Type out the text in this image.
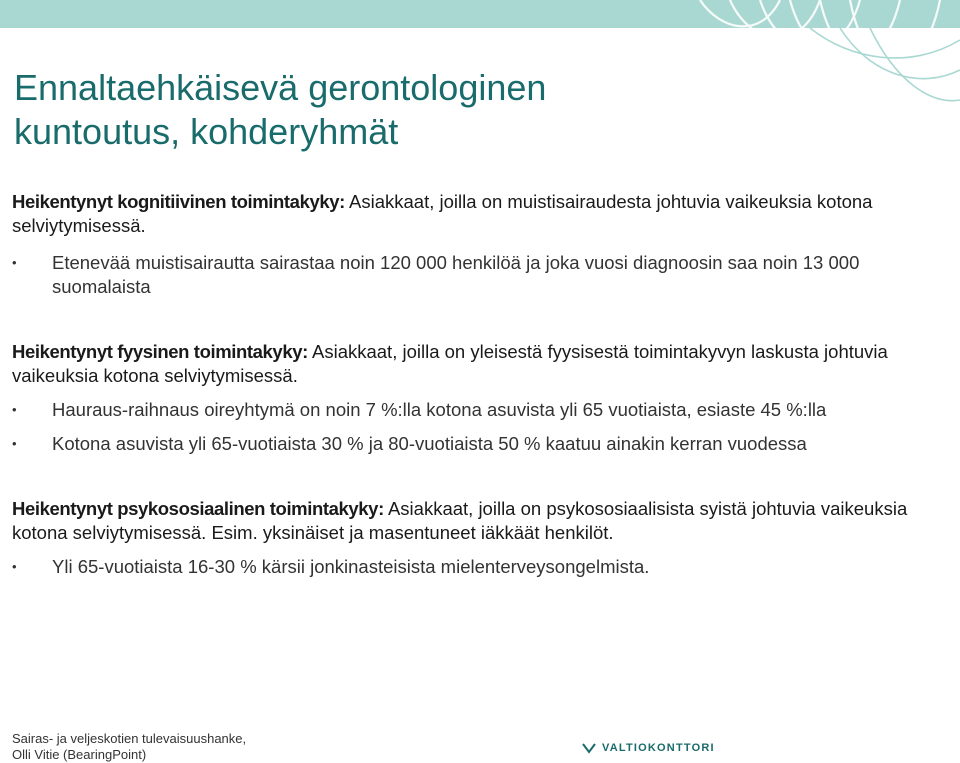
Ennaltaehkäisevä gerontologinen
kuntoutus, kohderyhmät
Heikentynyt kognitiivinen toimintakyky: Asiakkaat, joilla on muistisairaudesta johtuvia vaikeuksia kotona selviytymisessä.
•	Etenevää muistisairautta sairastaa noin 120 000 henkilöä ja joka vuosi diagnoosin saa noin 13 000 suomalaista
Heikentynyt fyysinen toimintakyky: Asiakkaat, joilla on yleisestä fyysisestä toimintakyvyn laskusta johtuvia vaikeuksia kotona selviytymisessä.
•	Hauraus-raihnaus oireyhtymä on noin 7 %:lla kotona asuvista yli 65 vuotiaista, esiaste 45 %:lla
•	Kotona asuvista yli 65-vuotiaista 30 % ja 80-vuotiaista 50 % kaatuu ainakin kerran vuodessa
Heikentynyt psykososiaalinen toimintakyky: Asiakkaat, joilla on psykososiaalisista syistä johtuvia vaikeuksia kotona selviytymisessä. Esim. yksinäiset ja masentuneet iäkkäät henkilöt.
•	Yli 65-vuotiaista 16-30 % kärsii jonkinasteisista mielenterveysongelmista.
Sairas- ja veljeskotien tulevaisuushanke,
Olli Vitie (BearingPoint)	VALTIOKONTTORI
